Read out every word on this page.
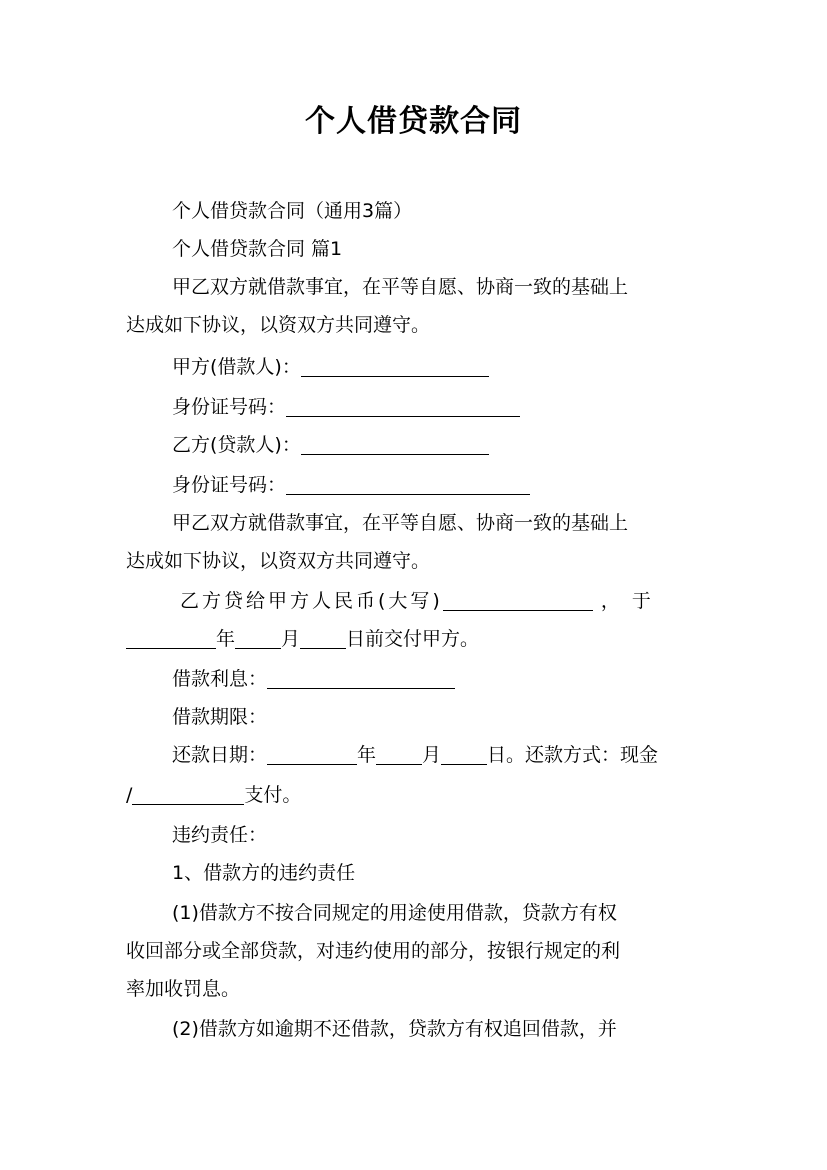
个人借贷款合同
个人借贷款合同（通用3篇）
个人借贷款合同 篇1
甲乙双方就借款事宜，在平等自愿、协商一致的基础上
达成如下协议，以资双方共同遵守。
甲方(借款人)：
身份证号码：
乙方(贷款人)：
身份证号码：
甲乙双方就借款事宜，在平等自愿、协商一致的基础上
达成如下协议，以资双方共同遵守。
乙方贷给甲方人民币(大写)	，于
年 月 日前交付甲方。
借款利息：
借款期限：
还款日期：	年 月 日。还款方式：现金
/	支付。
违约责任：
1、借款方的违约责任
(1)借款方不按合同规定的用途使用借款，贷款方有权
收回部分或全部贷款，对违约使用的部分，按银行规定的利
率加收罚息。
(2)借款方如逾期不还借款，贷款方有权追回借款，并
